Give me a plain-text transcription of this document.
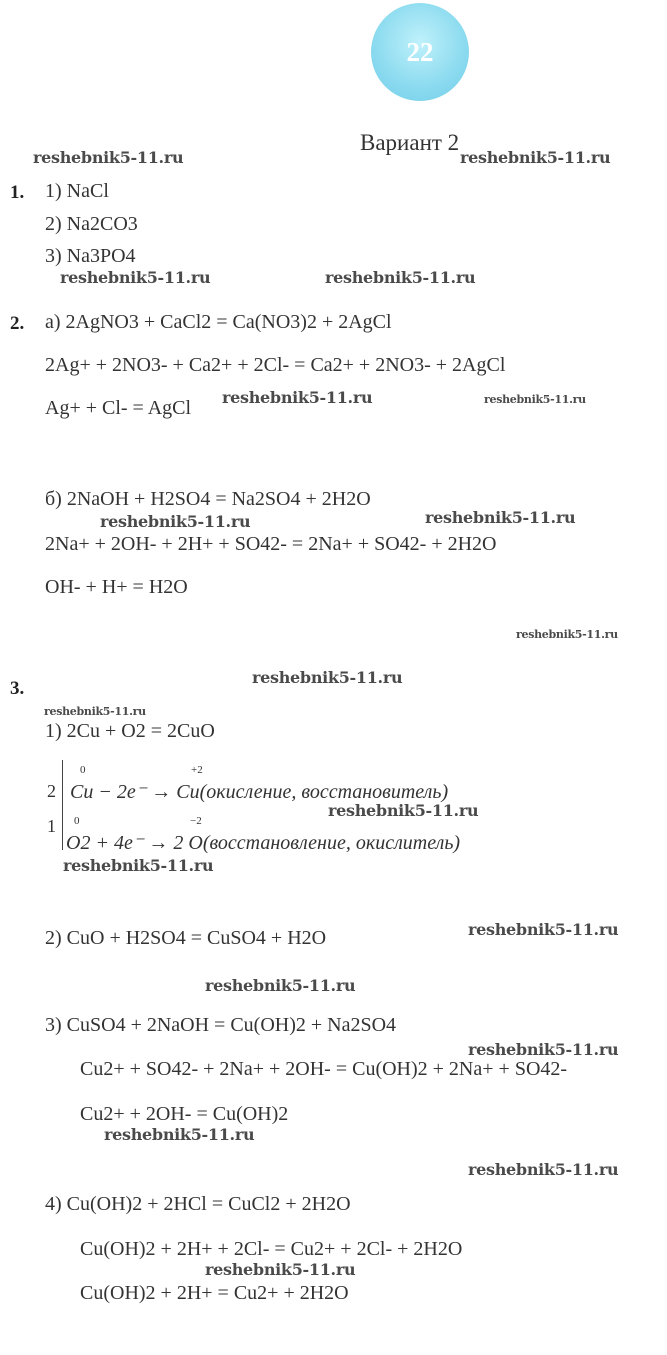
22
Вариант 2
reshebnik5-11.ru	reshebnik5-11.ru
reshebnik5-11.ru	reshebnik5-11.ru
reshebnik5-11.ru	reshebnik5-11.ru
reshebnik5-11.ru	reshebnik5-11.ru
reshebnik5-11.ru
reshebnik5-11.ru
reshebnik5-11.ru
reshebnik5-11.ru
reshebnik5-11.ru
reshebnik5-11.ru
reshebnik5-11.ru
reshebnik5-11.ru
reshebnik5-11.ru
reshebnik5-11.ru
reshebnik5-11.ru
1. 1) NaCl
2) Na2CO3
3) Na3PO4
2. а) 2AgNO3 + CaCl2 = Ca(NO3)2 + 2AgCl
2Ag+ + 2NO3- + Ca2+ + 2Cl- = Ca2+ + 2NO3- + 2AgCl
Ag+ + Cl- = AgCl
б) 2NaOH + H2SO4 = Na2SO4 + 2H2O
2Na+ + 2OH- + 2H+ + SO42- = 2Na+ + SO42- + 2H2O
OH- + H+ = H2O
3.
1) 2Cu + O2 = 2CuO
2
1
0	+2
0	−2
Cu − 2e⁻ → Cu(окисление, восстановитель)
O2 + 4e⁻ → 2 O(восстановление, окислитель)
2) CuO + H2SO4 = CuSO4 + H2O
3) CuSO4 + 2NaOH = Cu(OH)2 + Na2SO4
Cu2+ + SO42- + 2Na+ + 2OH- = Cu(OH)2 + 2Na+ + SO42-
Cu2+ + 2OH- = Cu(OH)2
4) Cu(OH)2 + 2HCl = CuCl2 + 2H2O
Cu(OH)2 + 2H+ + 2Cl- = Cu2+ + 2Cl- + 2H2O
Cu(OH)2 + 2H+ = Cu2+ + 2H2O
